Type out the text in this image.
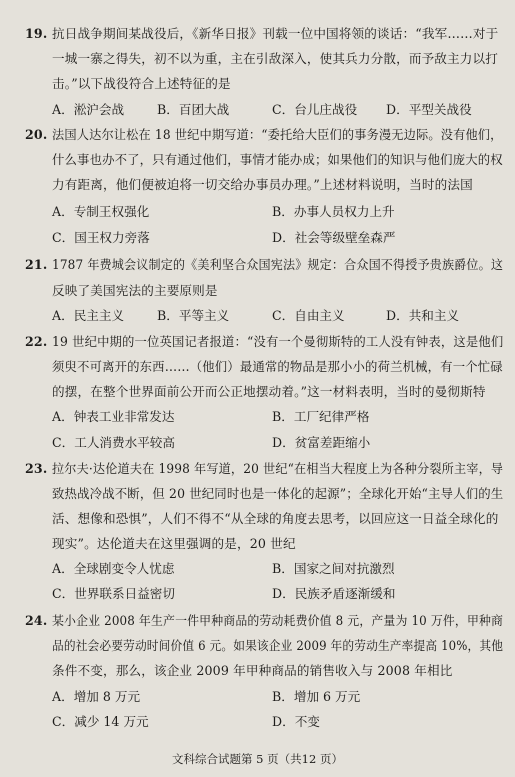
19. 抗日战争期间某战役后，《新华日报》刊载一位中国将领的谈话：“我军……对于
一城一寨之得失，初不以为重，主在引敌深入，使其兵力分散，而予敌主力以打
击。”以下战役符合上述特征的是
A．淞沪会战	B．百团大战	C．台儿庄战役 D．平型关战役
20. 法国人达尔让松在 18 世纪中期写道：“委托给大臣们的事务漫无边际。没有他们，
什么事也办不了，只有通过他们，事情才能办成；如果他们的知识与他们庞大的权
力有距离，他们便被迫将一切交给办事员办理。”上述材料说明，当时的法国
A．专制王权强化	B．办事人员权力上升
C．国王权力旁落	D．社会等级壁垒森严
21. 1787 年费城会议制定的《美利坚合众国宪法》规定：合众国不得授予贵族爵位。这
反映了美国宪法的主要原则是
A．民主主义	B．平等主义	C．自由主义	D．共和主义
22. 19 世纪中期的一位英国记者报道：“没有一个曼彻斯特的工人没有钟表，这是他们
须臾不可离开的东西……（他们）最通常的物品是那小小的荷兰机械，有一个忙碌
的摆，在整个世界面前公开而公正地摆动着。”这一材料表明，当时的曼彻斯特
A．钟表工业非常发达	B．工厂纪律严格
C．工人消费水平较高	D．贫富差距缩小
23. 拉尔夫·达伦道夫在 1998 年写道，20 世纪“在相当大程度上为各种分裂所主宰，导
致热战冷战不断，但 20 世纪同时也是一体化的起源”；全球化开始“主导人们的生
活、想像和恐惧”，人们不得不“从全球的角度去思考，以回应这一日益全球化的
现实”。达伦道夫在这里强调的是，20 世纪
A．全球剧变令人忧虑	B．国家之间对抗激烈
C．世界联系日益密切	D．民族矛盾逐渐缓和
24. 某小企业 2008 年生产一件甲种商品的劳动耗费价值 8 元，产量为 10 万件，甲种商
品的社会必要劳动时间价值 6 元。如果该企业 2009 年的劳动生产率提高 10%，其他
条件不变，那么，该企业 2009 年甲种商品的销售收入与 2008 年相比
A．增加 8 万元	B．增加 6 万元
C．减少 14 万元	D．不变
文科综合试题第 5 页（共12 页）
